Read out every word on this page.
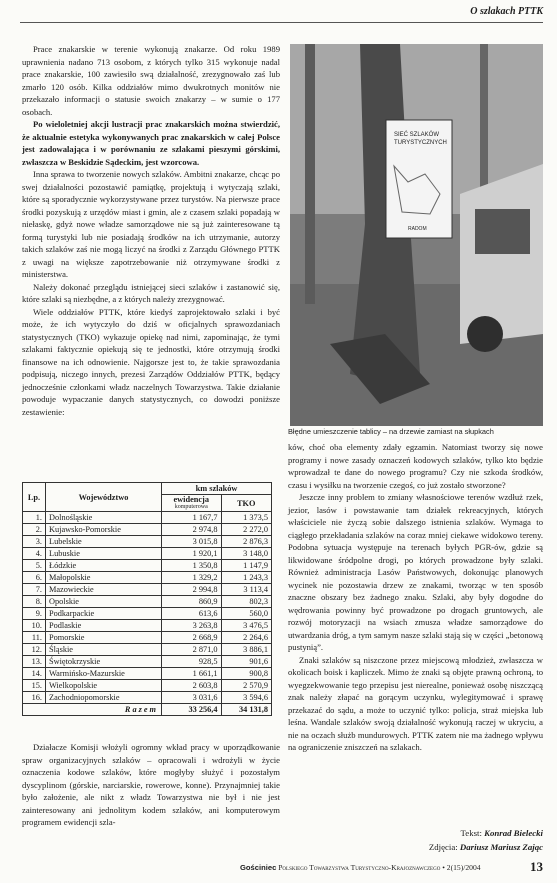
O szlakach PTTK

Prace znakarskie w terenie wykonują znakarze. Od roku 1989 uprawnienia nadano 713 osobom, z których tylko 315 wykonuje nadal prace znakarskie, 100 zawiesiło swą działalność, zrezygnowało zaś lub zmarło 120 osób. Kilka oddziałów mimo dwukrotnych monitów nie przekazało informacji o statusie swoich znakarzy – w sumie o 177 osobach.

Po wieloletniej akcji lustracji prac znakarskich można stwierdzić, że aktualnie estetyka wykonywanych prac znakarskich w całej Polsce jest zadowalająca i w porównaniu ze szlakami pieszymi górskimi, zwłaszcza w Beskidzie Sądeckim, jest wzorcowa.

Inna sprawa to tworzenie nowych szlaków. Ambitni znakarze, chcąc po swej działalności pozostawić pamiątkę, projektują i wytyczają szlaki, które są sporadycznie wykorzystywane przez turystów. Na pierwsze prace środki pozyskują z urzędów miast i gmin, ale z czasem szlaki popadają w niełaskę, gdyż nowe władze samorządowe nie są już zainteresowane tą formą turystyki lub nie posiadają środków na ich utrzymanie, autorzy takich szlaków zaś nie mogą liczyć na środki z Zarządu Głównego PTTK z uwagi na większe zapotrzebowanie niż otrzymywane środki z ministerstwa.

Należy dokonać przeglądu istniejącej sieci szlaków i zastanowić się, które szlaki są niezbędne, a z których należy zrezygnować.

Wiele oddziałów PTTK, które kiedyś zaprojektowało szlaki i być może, że ich wytyczyło do dziś w oficjalnych sprawozdaniach statystycznych (TKO) wykazuje opiekę nad nimi, zapominając, że tymi szlakami faktycznie opiekują się te jednostki, które otrzymują środki finansowe na ich odnowienie. Najgorsze jest to, że takie sprawozdania podpisują, niczego innych, prezesi Zarządów Oddziałów PTTK, będący jednocześnie członkami władz naczelnych Towarzystwa. Takie działanie powoduje wypaczanie danych statystycznych, co dowodzi poniższe zestawienie:

Lp.	Województwo	km szlaków	

		ewidencja
komputerowa	TKO
1.	Dolnośląskie	1 167,7	1 373,5
2.	Kujawsko-Pomorskie	2 974,8	2 272,0
3.	Lubelskie	3 015,8	2 876,3
4.	Lubuskie	1 920,1	3 148,0
5.	Łódzkie	1 350,8	1 147,9
6.	Małopolskie	1 329,2	1 243,3
7.	Mazowieckie	2 994,8	3 113,4
8.	Opolskie	860,9	802,3
9.	Podkarpackie	613,6	560,0
10.	Podlaskie	3 263,8	3 476,5
11.	Pomorskie	2 668,9	2 264,6
12.	Śląskie	2 871,0	3 886,1
13.	Świętokrzyskie	928,5	901,6
14.	Warmińsko-Mazurskie	1 661,1	900,8
15.	Wielkopolskie	2 603,8	2 570,9
16.	Zachodniopomorskie	3 031,6	3 594,6
Razem		33 256,4	34 131,8

Działacze Komisji włożyli ogromny wkład pracy w uporządkowanie spraw organizacyjnych szlaków – opracowali i wdrożyli w życie oznaczenia kodowe szlaków, które mogłyby służyć i pozostałym dyscyplinom (górskie, narciarskie, rowerowe, konne). Przynajmniej takie było założenie, ale nikt z władz Towarzystwa nie był i nie jest zainteresowany ani jednolitym kodem szlaków, ani komputerowym programem ewidencji szla-

SIEĆ SZLAKÓW
TURYSTYCZNYCH
RADOM
Błędne umieszczenie tablicy – na drzewie zamiast na słupkach

ków, choć oba elementy zdały egzamin. Natomiast tworzy się nowe programy i nowe zasady oznaczeń kodowych szlaków, tylko kto będzie wprowadzał te dane do nowego programu? Czy nie szkoda środków, czasu i wysiłku na tworzenie czegoś, co już zostało stworzone?

Jeszcze inny problem to zmiany własnościowe terenów wzdłuż rzek, jezior, lasów i powstawanie tam działek rekreacyjnych, których właściciele nie życzą sobie dalszego istnienia szlaków. Wymaga to ciągłego przekładania szlaków na coraz mniej ciekawe widokowo tereny. Podobna sytuacja występuje na terenach byłych PGR-ów, gdzie są likwidowane śródpolne drogi, po których prowadzone były szlaki. Również administracja Lasów Państwowych, dokonując planowych wycinek nie pozostawia drzew ze znakami, tworząc w ten sposób znaczne obszary bez żadnego znaku. Szlaki, aby były dogodne do wędrowania powinny być prowadzone po drogach gruntowych, ale rozwój motoryzacji na wsiach zmusza władze samorządowe do utwardzania dróg, a tym samym nasze szlaki stają się w części „betonową pustynią”.

Znaki szlaków są niszczone przez miejscową młodzież, zwłaszcza w okolicach boisk i kapliczek. Mimo że znaki są objęte prawną ochroną, to wyegzekwowanie tego przepisu jest nierealne, ponieważ osobę niszczącą znak należy złapać na gorącym uczynku, wylegitymować i sprawę przekazać do sądu, a może to uczynić tylko: policja, straż miejska lub leśna. Wandale szlaków swoją działalność wykonują raczej w ukryciu, a nie na oczach służb mundurowych. PTTK zatem nie ma żadnego wpływu na ograniczenie zniszczeń na szlakach.

Tekst: Konrad Bielecki
Zdjęcia: Dariusz Mariusz Zając
Gościniec Polskiego Towarzystwa Turystyczno-Krajoznawczego • 2(15)/2004	13
